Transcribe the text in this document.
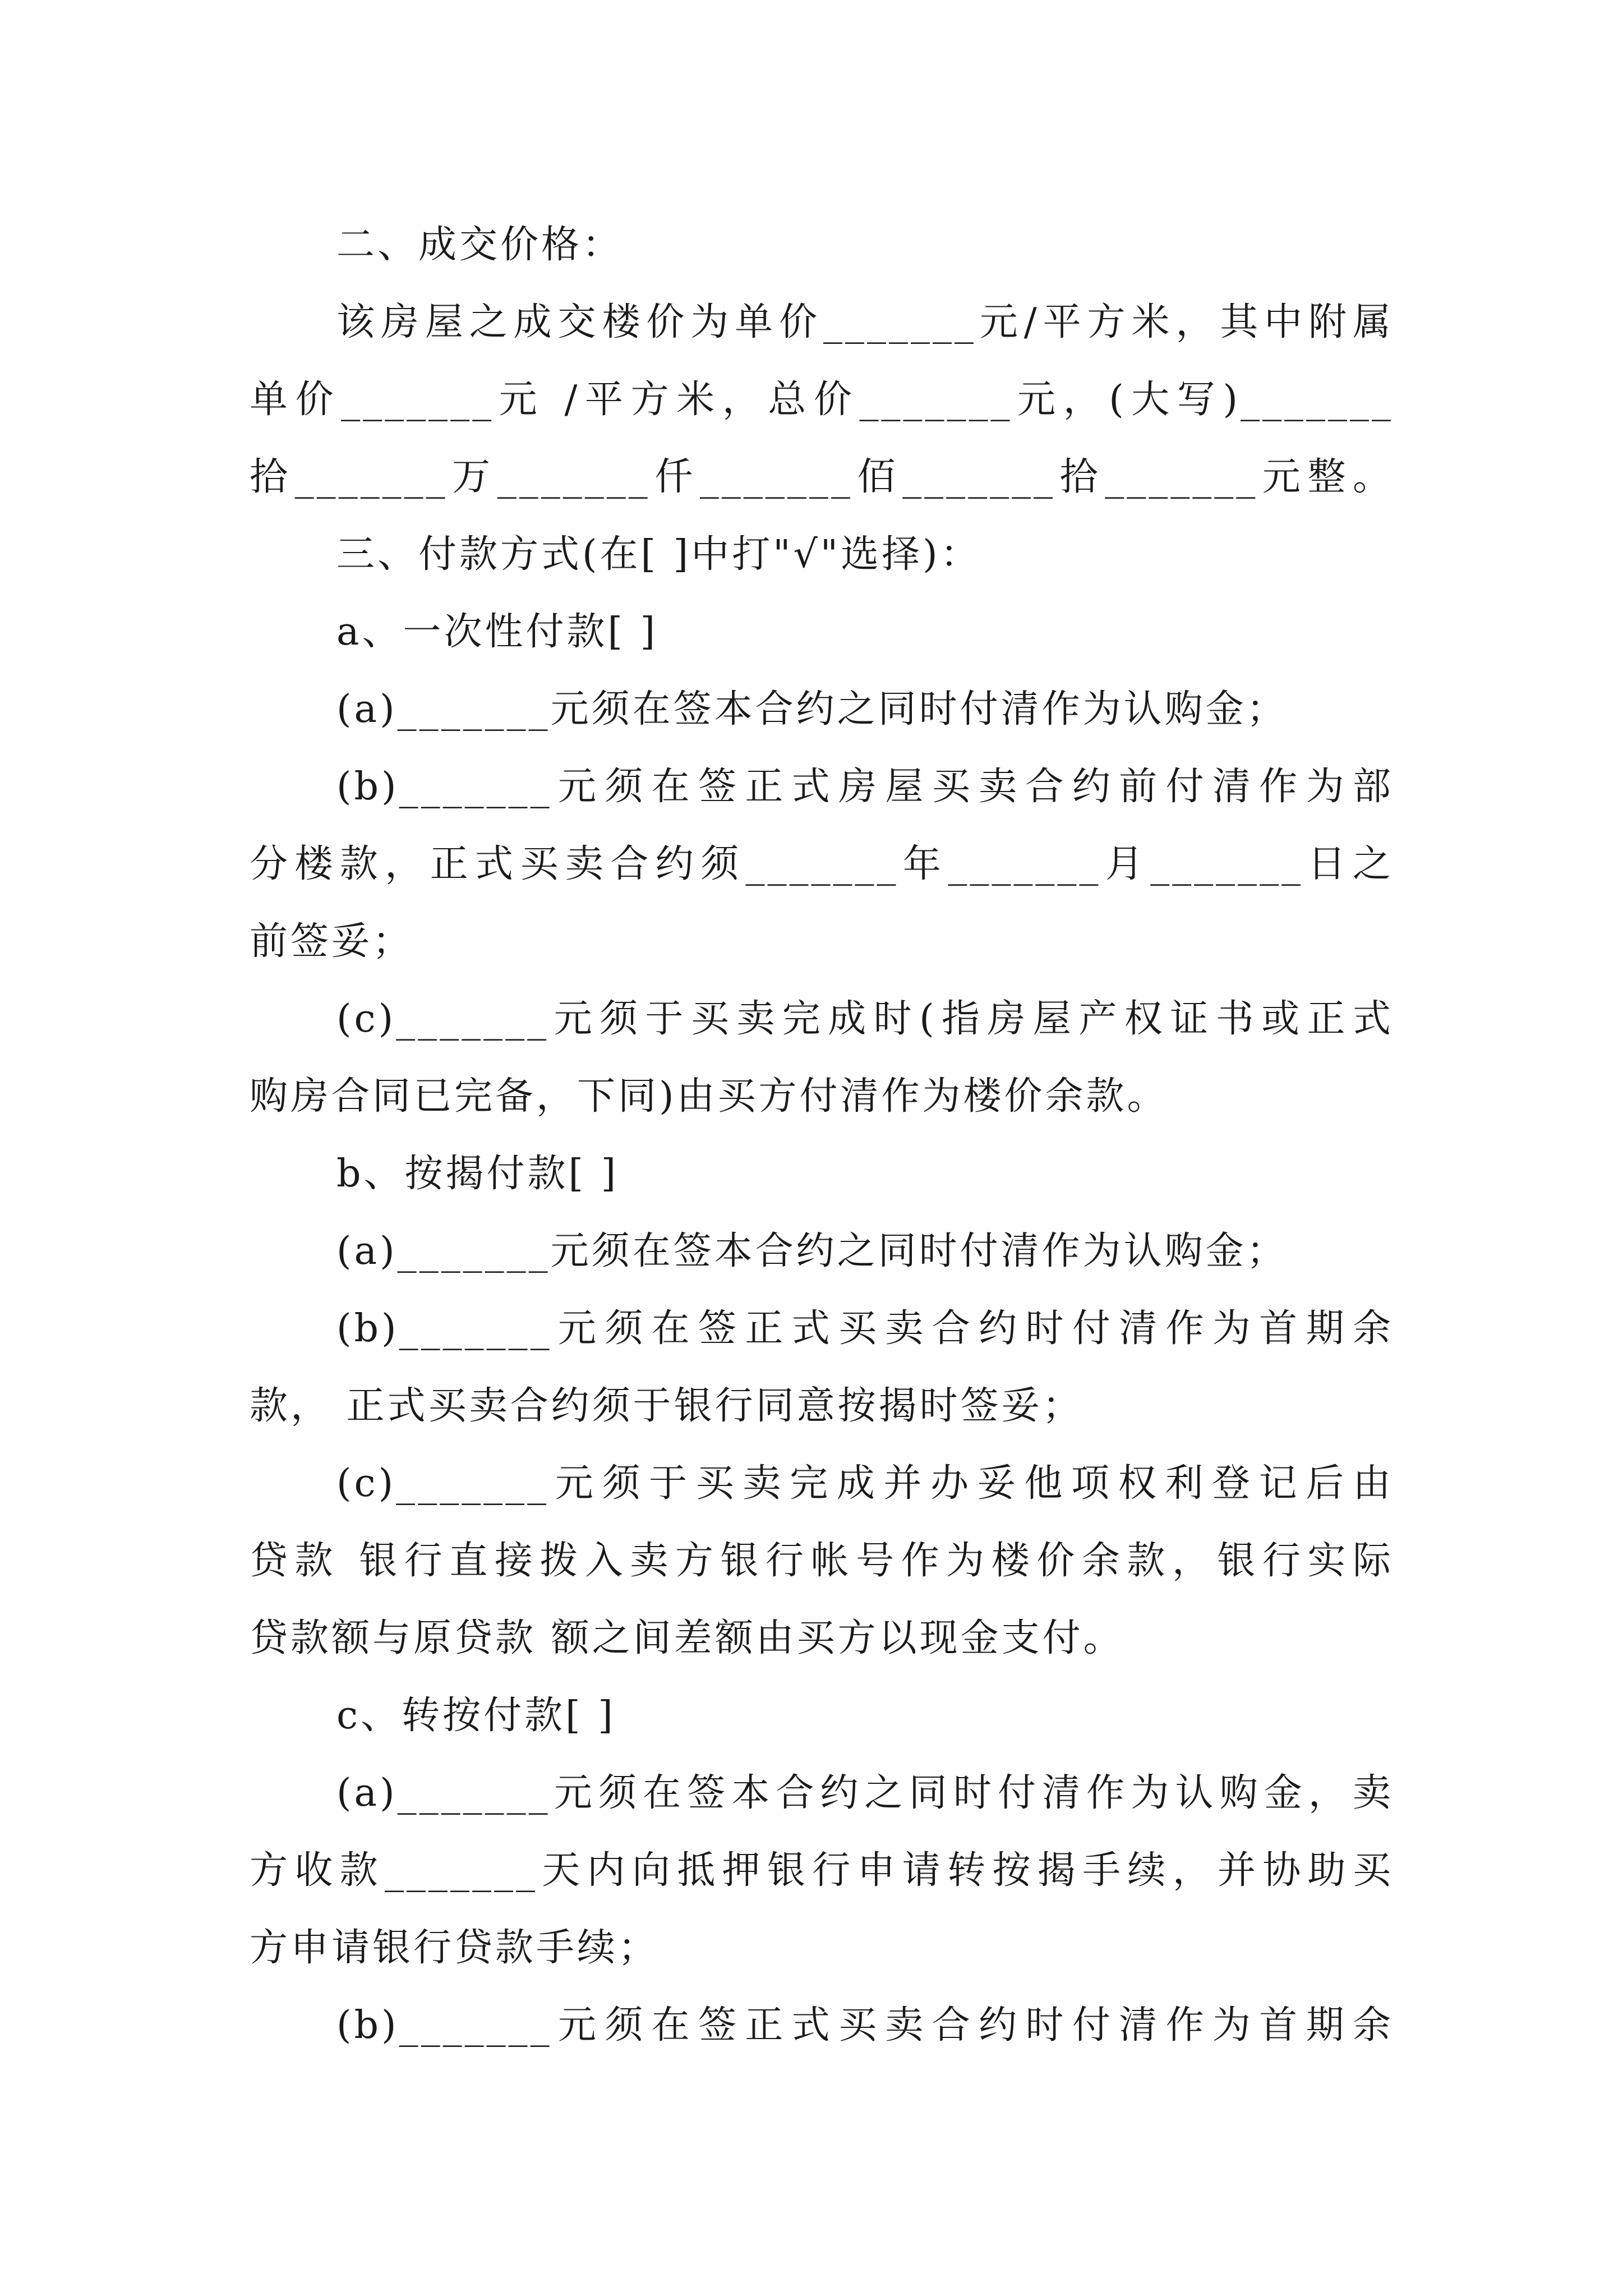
二、成交价格：

该房屋之成交楼价为单价_______元/平方米，其中附属

单价_______元 /平方米，总价_______元，(大写)_______

拾_______万_______仟_______佰_______拾_______元整。

三、付款方式(在[ ]中打"√"选择)：

a、一次性付款[ ]

(a)_______元须在签本合约之同时付清作为认购金；

(b)_______元须在签正式房屋买卖合约前付清作为部

分楼款，正式买卖合约须_______年_______月_______日之

前签妥；

(c)_______元须于买卖完成时(指房屋产权证书或正式

购房合同已完备，下同)由买方付清作为楼价余款。

b、按揭付款[ ]

(a)_______元须在签本合约之同时付清作为认购金；

(b)_______元须在签正式买卖合约时付清作为首期余

款， 正式买卖合约须于银行同意按揭时签妥；

(c)_______元须于买卖完成并办妥他项权利登记后由

贷款 银行直接拨入卖方银行帐号作为楼价余款，银行实际

贷款额与原贷款 额之间差额由买方以现金支付。

c、转按付款[ ]

(a)_______元须在签本合约之同时付清作为认购金，卖

方收款_______天内向抵押银行申请转按揭手续，并协助买

方申请银行贷款手续；

(b)_______元须在签正式买卖合约时付清作为首期余
